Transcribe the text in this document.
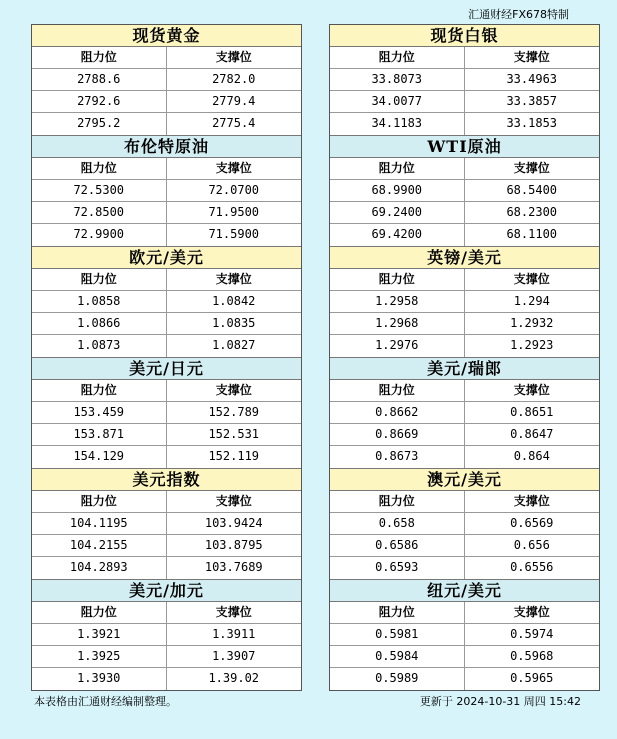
汇通财经FX678特制
现货黄金
阻力位	支撑位
2788.6	2782.0
2792.6	2779.4
2795.2	2775.4
布伦特原油
阻力位	支撑位
72.5300	72.0700
72.8500	71.9500
72.9900	71.5900
欧元/美元
阻力位	支撑位
1.0858	1.0842
1.0866	1.0835
1.0873	1.0827
美元/日元
阻力位	支撑位
153.459	152.789
153.871	152.531
154.129	152.119
美元指数
阻力位	支撑位
104.1195	103.9424
104.2155	103.8795
104.2893	103.7689
美元/加元
阻力位	支撑位
1.3921	1.3911
1.3925	1.3907
1.3930	1.39.02
现货白银
阻力位	支撑位
33.8073	33.4963
34.0077	33.3857
34.1183	33.1853
WTI原油
阻力位	支撑位
68.9900	68.5400
69.2400	68.2300
69.4200	68.1100
英镑/美元
阻力位	支撑位
1.2958	1.294
1.2968	1.2932
1.2976	1.2923
美元/瑞郎
阻力位	支撑位
0.8662	0.8651
0.8669	0.8647
0.8673	0.864
澳元/美元
阻力位	支撑位
0.658	0.6569
0.6586	0.656
0.6593	0.6556
纽元/美元
阻力位	支撑位
0.5981	0.5974
0.5984	0.5968
0.5989	0.5965
本表格由汇通财经编制整理。	更新于 2024-10-31 周四 15:42
